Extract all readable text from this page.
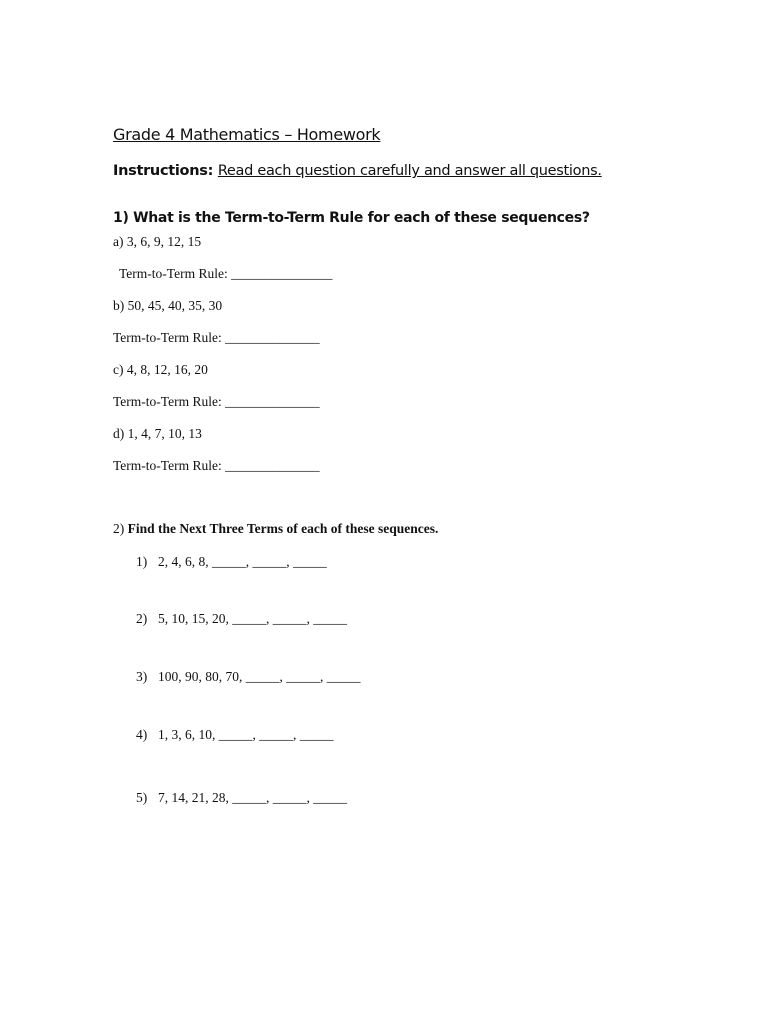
Grade 4 Mathematics – Homework
Instructions: Read each question carefully and answer all questions.
1) What is the Term-to-Term Rule for each of these sequences?
a) 3, 6, 9, 12, 15
Term-to-Term Rule: _______________
b) 50, 45, 40, 35, 30
Term-to-Term Rule: ______________
c) 4, 8, 12, 16, 20
Term-to-Term Rule: ______________
d) 1, 4, 7, 10, 13
Term-to-Term Rule: ______________
2) Find the Next Three Terms of each of these sequences.
1) 2, 4, 6, 8, _____, _____, _____
2) 5, 10, 15, 20, _____, _____, _____
3) 100, 90, 80, 70, _____, _____, _____
4) 1, 3, 6, 10, _____, _____, _____
5) 7, 14, 21, 28, _____, _____, _____
